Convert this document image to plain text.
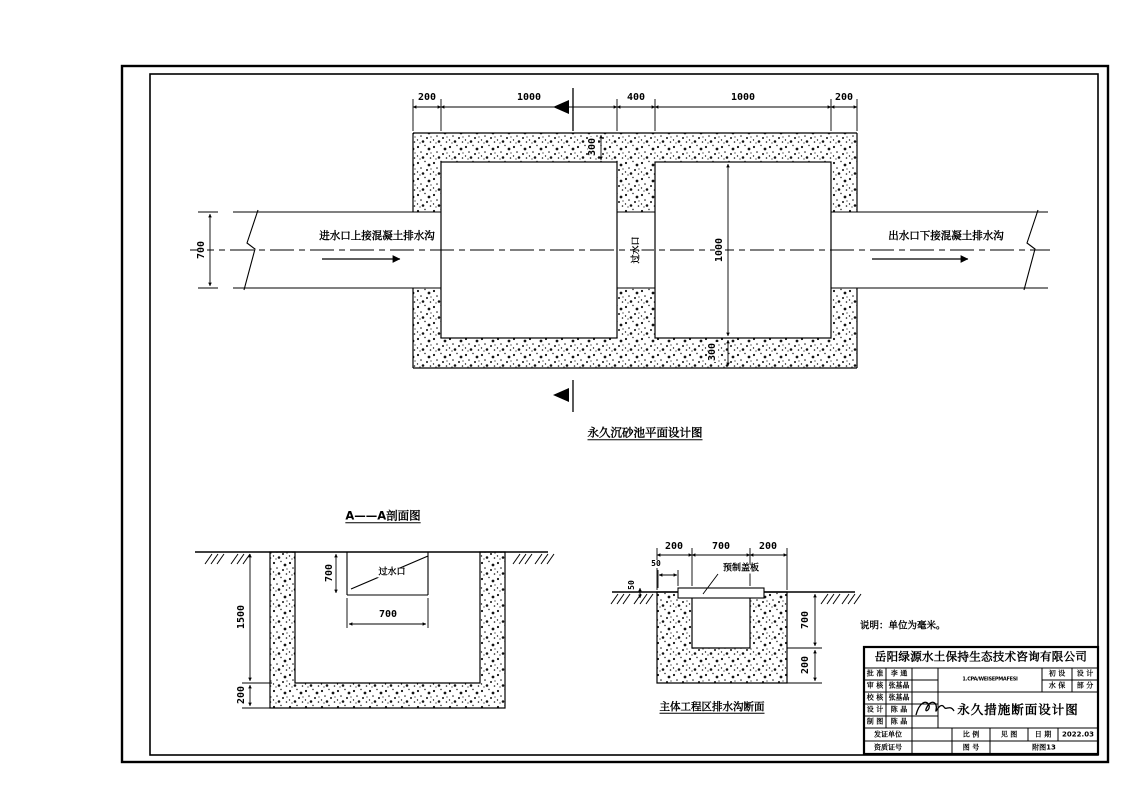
200	1000	400	1000	200
300
1000
300
700	过水口
进水口上接混凝土排水沟	出水口下接混凝土排水沟
永久沉砂池平面设计图
A——A剖面图
1500
700	过水口
700
200
200	700	200
50	预制盖板
50
700
200
主体工程区排水沟断面
说明：单位为毫米。
岳阳绿源水土保持生态技术咨询有限公司
批 准 李 通
审 核 张基晶
校 核 张基晶
设 计 陈 晶
制 图 陈 晶
1.CPA/WEISEPMAFESI
初 设 设 计
水 保 部 分
永久措施断面设计图
发证单位
资质证号
比 例	见 图	日 期 2022.03
图 号	附图13
